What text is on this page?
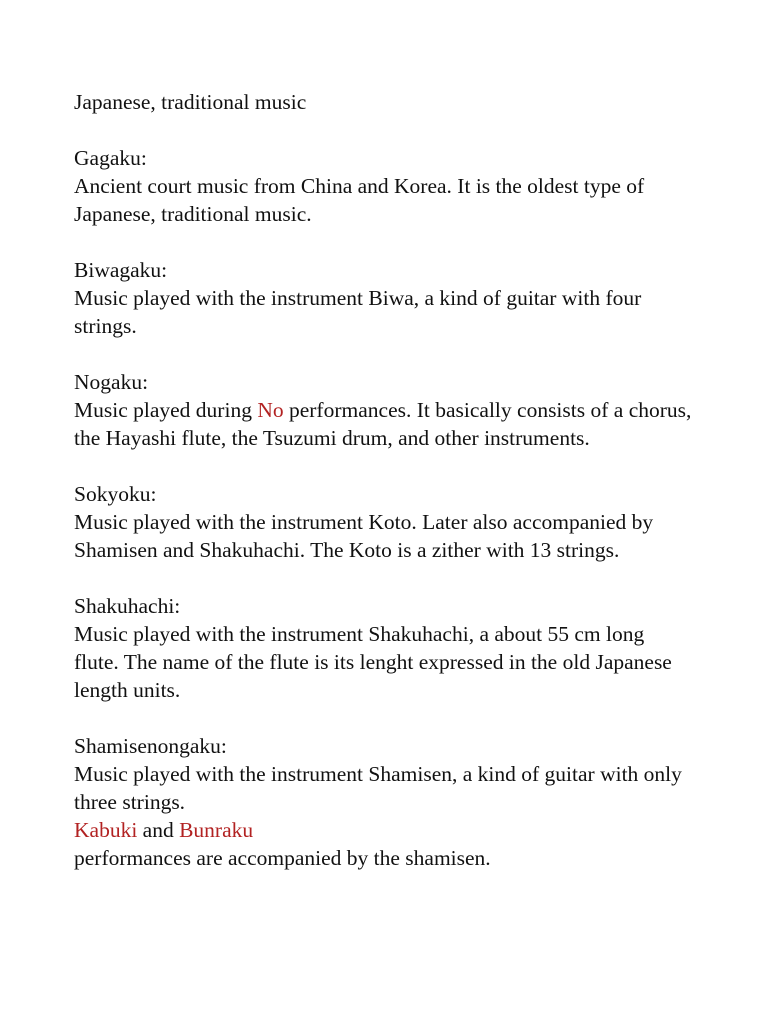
Japanese, traditional music
Gagaku:
Ancient court music from China and Korea. It is the oldest type of Japanese, traditional music.
Biwagaku:
Music played with the instrument Biwa, a kind of guitar with four strings.
Nogaku:
Music played during No performances. It basically consists of a chorus, the Hayashi flute, the Tsuzumi drum, and other instruments.
Sokyoku:
Music played with the instrument Koto. Later also accompanied by Shamisen and Shakuhachi. The Koto is a zither with 13 strings.
Shakuhachi:
Music played with the instrument Shakuhachi, a about 55 cm long flute. The name of the flute is its lenght expressed in the old Japanese length units.
Shamisenongaku:
Music played with the instrument Shamisen, a kind of guitar with only three strings.
Kabuki and Bunraku
performances are accompanied by the shamisen.
